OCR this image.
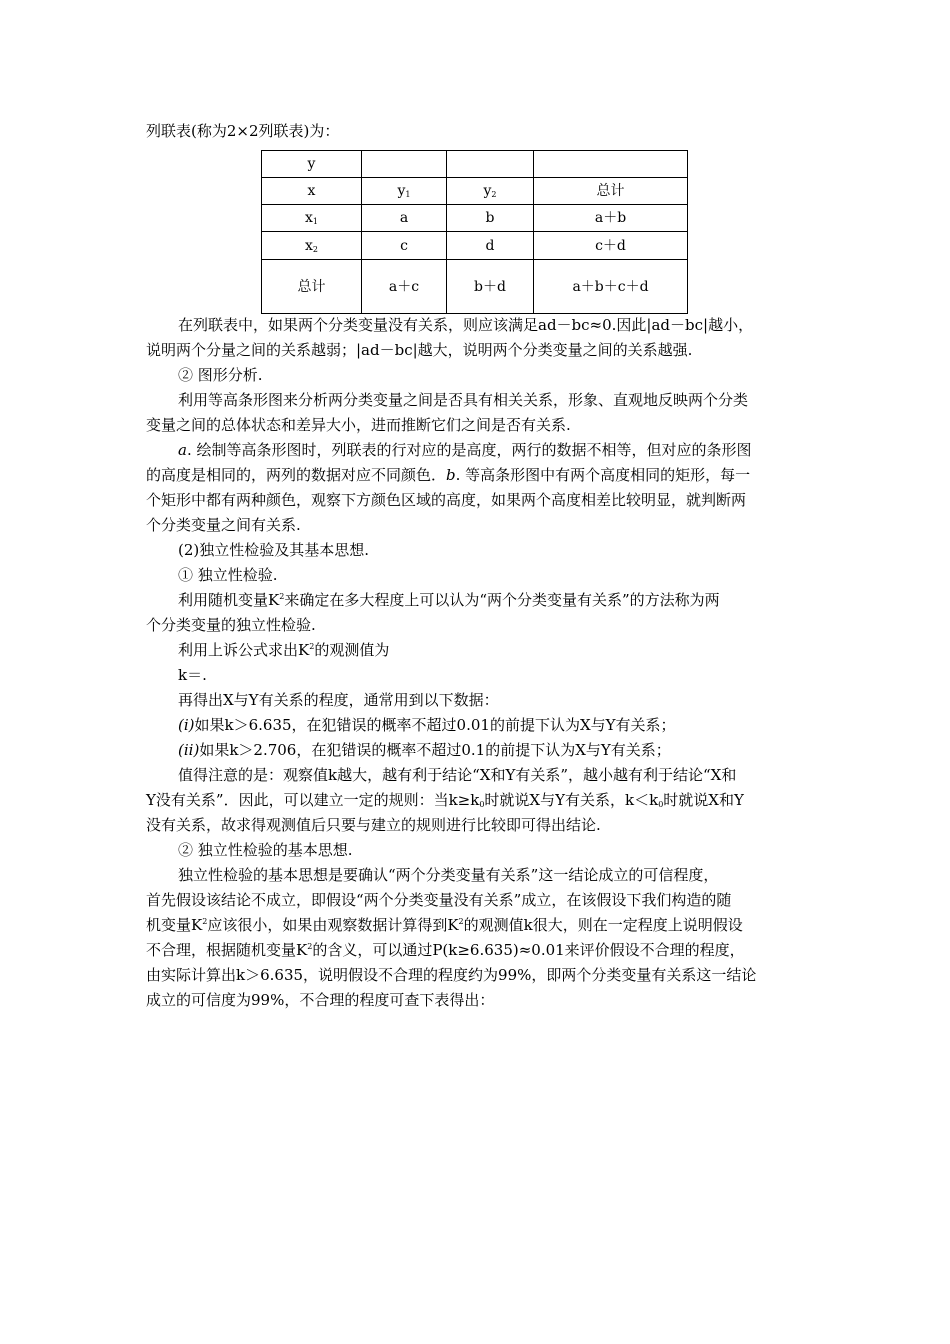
列联表(称为2×2列联表)为：
y			
x	$y_1$	$y_2$	总计
$x_1$	a	b	a＋b
$x_2$	c	d	c＋d
总计	a＋c	b＋d	a＋b＋c＋d
在列联表中，如果两个分类变量没有关系，则应该满足ad－bc≈0.因此|ad－bc|越小，
说明两个分量之间的关系越弱；|ad－bc|越大，说明两个分类变量之间的关系越强.
② 图形分析.
利用等高条形图来分析两分类变量之间是否具有相关关系，形象、直观地反映两个分类
变量之间的总体状态和差异大小，进而推断它们之间是否有关系.
a. 绘制等高条形图时，列联表的行对应的是高度，两行的数据不相等，但对应的条形图
的高度是相同的，两列的数据对应不同颜色．b. 等高条形图中有两个高度相同的矩形，每一
个矩形中都有两种颜色，观察下方颜色区域的高度，如果两个高度相差比较明显，就判断两
个分类变量之间有关系.
(2)独立性检验及其基本思想.
① 独立性检验.
利用随机变量$K^2$来确定在多大程度上可以认为“两个分类变量有关系”的方法称为两
个分类变量的独立性检验.
利用上诉公式求出$K^2$的观测值为
k＝.
再得出X与Y有关系的程度，通常用到以下数据：
(i)如果k＞6.635，在犯错误的概率不超过0.01的前提下认为X与Y有关系；
(ii)如果k＞2.706，在犯错误的概率不超过0.1的前提下认为X与Y有关系；
值得注意的是：观察值k越大，越有利于结论“X和Y有关系”，越小越有利于结论“X和
Y没有关系”．因此，可以建立一定的规则：当$k\ge k_0$时就说X与Y有关系，$k<k_0$时就说X和Y
没有关系，故求得观测值后只要与建立的规则进行比较即可得出结论.
② 独立性检验的基本思想.
独立性检验的基本思想是要确认“两个分类变量有关系”这一结论成立的可信程度，
首先假设该结论不成立，即假设“两个分类变量没有关系”成立，在该假设下我们构造的随
机变量$K^2$应该很小，如果由观察数据计算得到$K^2$的观测值k很大，则在一定程度上说明假设
不合理，根据随机变量$K^2$的含义，可以通过P(k≥6.635)≈0.01来评价假设不合理的程度，
由实际计算出k＞6.635，说明假设不合理的程度约为99%，即两个分类变量有关系这一结论
成立的可信度为99%，不合理的程度可查下表得出：
